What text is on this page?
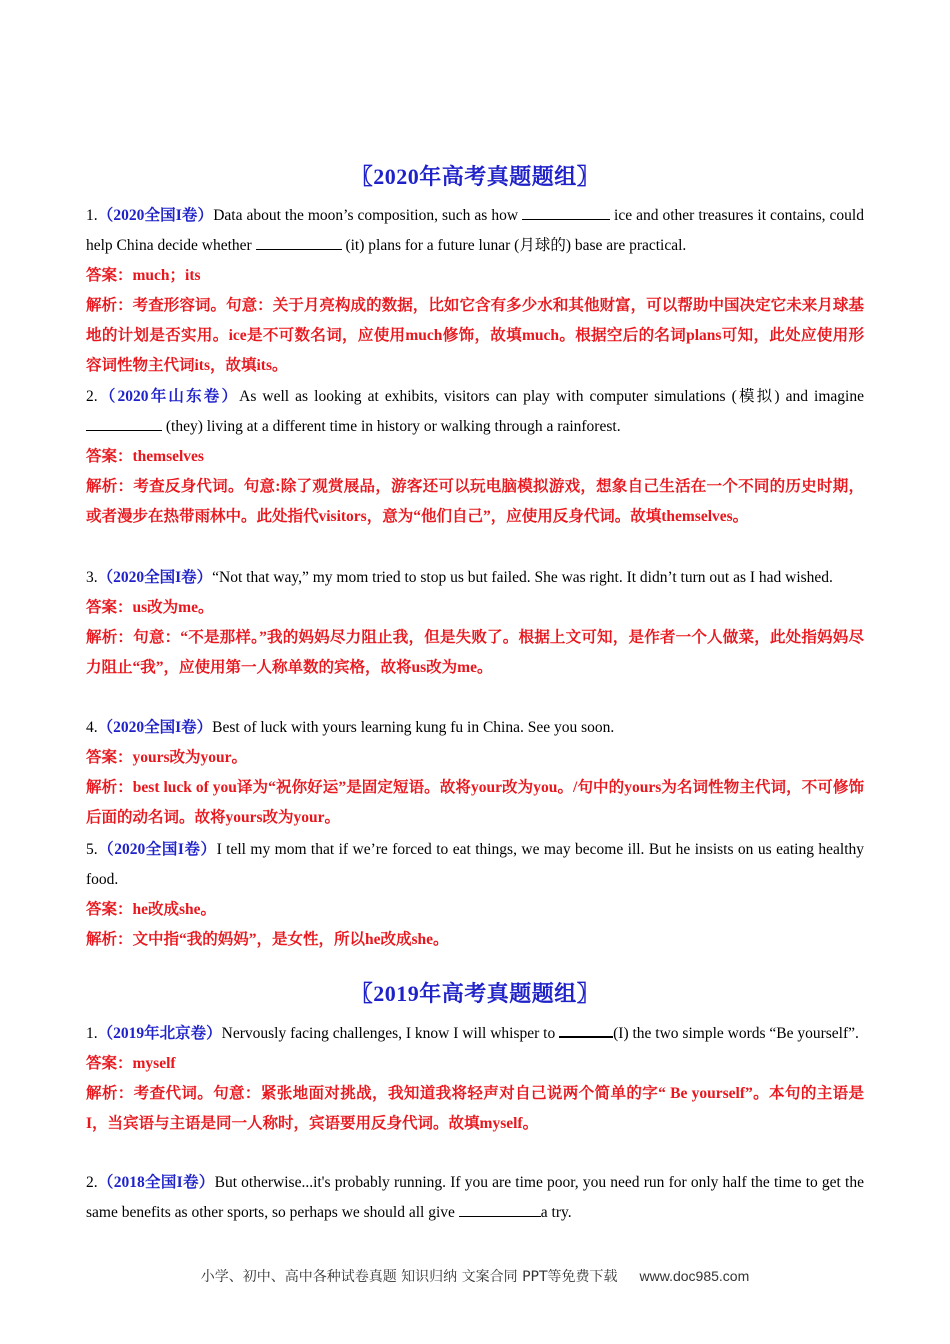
〖2020年高考真题题组〗
1.（2020全国I卷）Data about the moon’s composition, such as how	ice and other treasures it contains, could help China decide whether	(it) plans for a future lunar (月球的) base are practical.
答案：much；its
解析：考查形容词。句意：关于月亮构成的数据，比如它含有多少水和其他财富，可以帮助中国决定它未来月球基地的计划是否实用。ice是不可数名词，应使用much修饰，故填much。根据空后的名词plans可知，此处应使用形容词性物主代词its，故填its。
2.（2020年山东卷）As well as looking at exhibits, visitors can play with computer simulations (模拟) and imagine  (they) living at a different time in history or walking through a rainforest.
答案：themselves
解析：考查反身代词。句意:除了观赏展品，游客还可以玩电脑模拟游戏，想象自己生活在一个不同的历史时期，或者漫步在热带雨林中。此处指代visitors，意为“他们自己”，应使用反身代词。故填themselves。
3.（2020全国I卷）“Not that way,” my mom tried to stop us but failed. She was right. It didn’t turn out as I had wished.
答案：us改为me。
解析：句意：“不是那样。”我的妈妈尽力阻止我，但是失败了。根据上文可知，是作者一个人做菜，此处指妈妈尽力阻止“我”，应使用第一人称单数的宾格，故将us改为me。
4.（2020全国I卷）Best of luck with yours learning kung fu in China. See you soon.
答案：yours改为your。
解析：best luck of you译为“祝你好运”是固定短语。故将your改为you。/句中的yours为名词性物主代词，不可修饰后面的动名词。故将yours改为your。
5.（2020全国I卷）I tell my mom that if we’re forced to eat things, we may become ill. But he insists on us eating healthy food.
答案：he改成she。
解析：文中指“我的妈妈”，是女性，所以he改成she。
〖2019年高考真题题组〗
1.（2019年北京卷）Nervously facing challenges, I know I will whisper to	(I) the two simple words “Be yourself”.
答案：myself
解析：考查代词。句意：紧张地面对挑战，我知道我将轻声对自己说两个简单的字“ Be yourself”。本句的主语是I，当宾语与主语是同一人称时，宾语要用反身代词。故填myself。
2.（2018全国I卷）But otherwise...it's probably running. If you are time poor, you need run for only half the time to get the same benefits as other sports, so perhaps we should all give	a try.
小学、初中、高中各种试卷真题 知识归纳 文案合同 PPT等免费下载 www.doc985.com
